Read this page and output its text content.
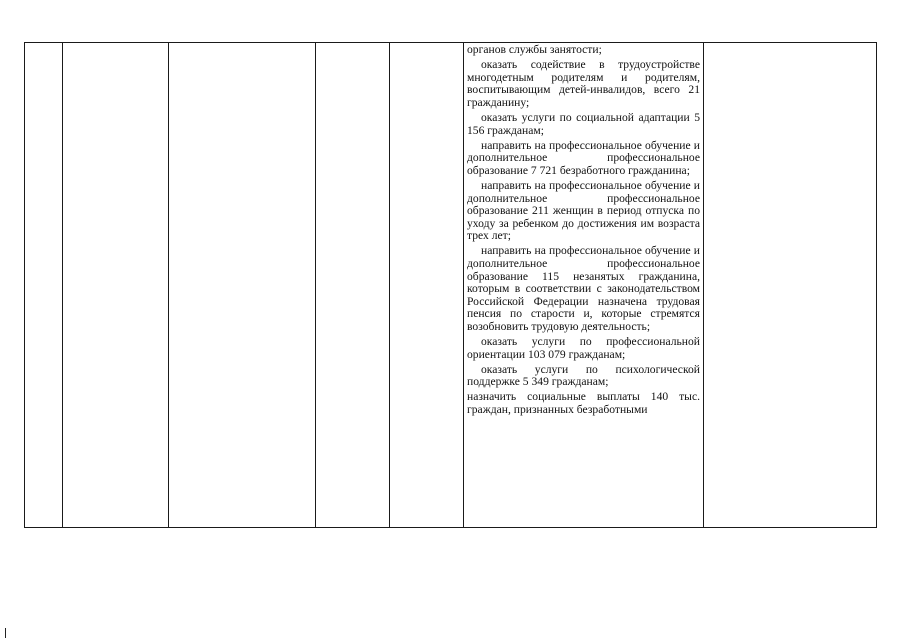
органов службы занятости;

оказать содействие в трудоустройстве многодетным родителям и родителям, воспитывающим детей-инвалидов, всего 21 гражданину;

оказать услуги по социальной адаптации 5 156 гражданам;

направить на профессиональное обучение и дополнительное профессиональное образование 7 721 безработного гражданина;

направить на профессиональное обучение и дополнительное профессиональное образование 211 женщин в период отпуска по уходу за ребенком до достижения им возраста трех лет;

направить на профессиональное обучение и дополнительное профессиональное образование 115 незанятых гражданина, которым в соответствии с законодательством Российской Федерации назначена трудовая пенсия по старости и, которые стремятся возобновить трудовую деятельность;

оказать услуги по профессиональной ориентации 103 079 гражданам;

оказать услуги по психологической поддержке 5 349 гражданам;

назначить социальные выплаты 140 тыс. граждан, признанных безработными
